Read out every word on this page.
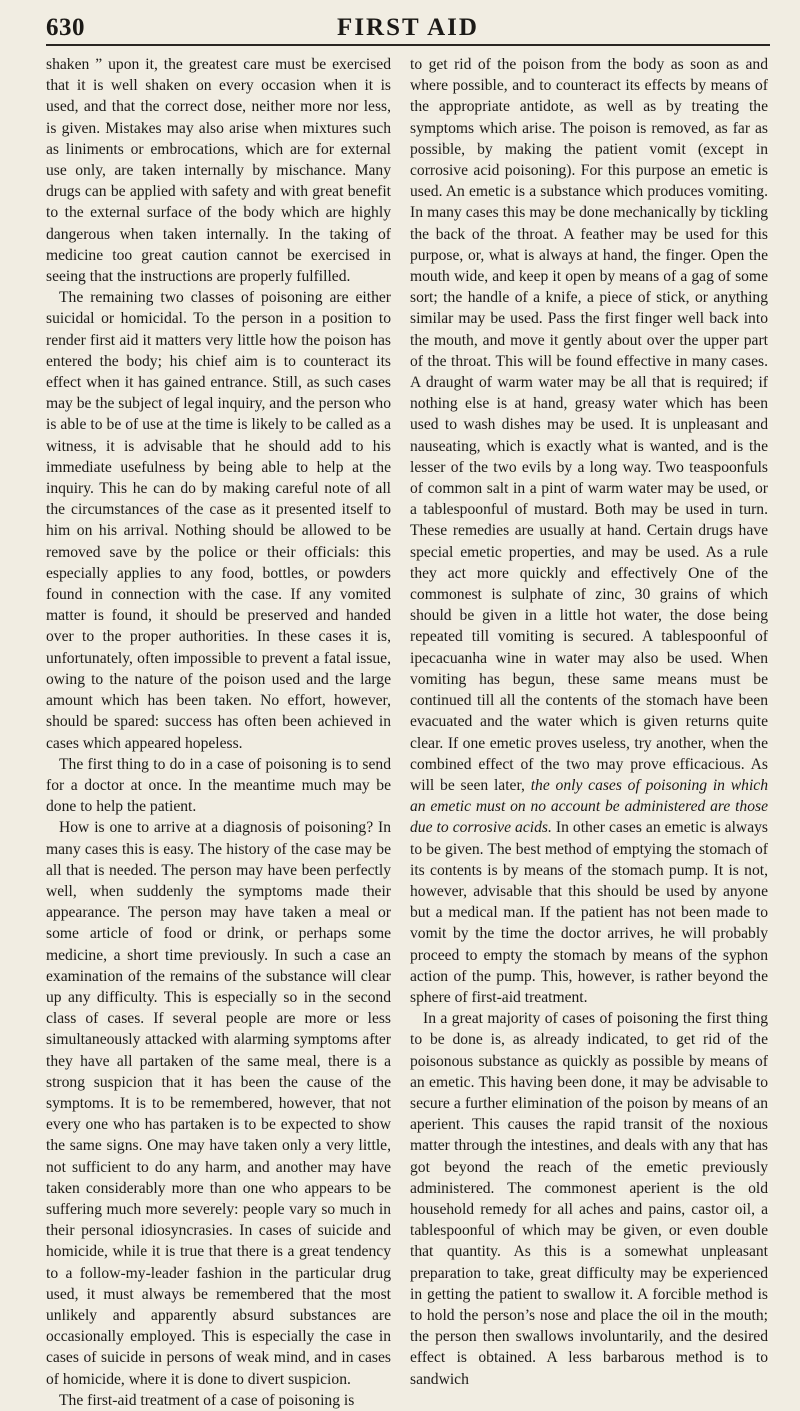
630	FIRST AID

shaken ” upon it, the greatest care must be exercised that it is well shaken on every occasion when it is used, and that the correct dose, neither more nor less, is given. Mistakes may also arise when mixtures such as liniments or embrocations, which are for external use only, are taken internally by mischance. Many drugs can be applied with safety and with great benefit to the external surface of the body which are highly dangerous when taken internally. In the taking of medicine too great caution cannot be exercised in seeing that the instructions are properly fulfilled.

The remaining two classes of poisoning are either suicidal or homicidal. To the person in a position to render first aid it matters very little how the poison has entered the body; his chief aim is to counteract its effect when it has gained entrance. Still, as such cases may be the subject of legal inquiry, and the person who is able to be of use at the time is likely to be called as a witness, it is advisable that he should add to his immediate usefulness by being able to help at the inquiry. This he can do by making careful note of all the circumstances of the case as it presented itself to him on his arrival. Nothing should be allowed to be removed save by the police or their officials: this especially applies to any food, bottles, or powders found in connection with the case. If any vomited matter is found, it should be preserved and handed over to the proper authorities. In these cases it is, unfortunately, often impossible to prevent a fatal issue, owing to the nature of the poison used and the large amount which has been taken. No effort, however, should be spared: success has often been achieved in cases which appeared hopeless.

The first thing to do in a case of poisoning is to send for a doctor at once. In the meantime much may be done to help the patient.

How is one to arrive at a diagnosis of poisoning? In many cases this is easy. The history of the case may be all that is needed. The person may have been perfectly well, when suddenly the symptoms made their appearance. The person may have taken a meal or some article of food or drink, or perhaps some medicine, a short time previously. In such a case an examination of the remains of the substance will clear up any difficulty. This is especially so in the second class of cases. If several people are more or less simultaneously attacked with alarming symptoms after they have all partaken of the same meal, there is a strong suspicion that it has been the cause of the symptoms. It is to be remembered, however, that not every one who has partaken is to be expected to show the same signs. One may have taken only a very little, not sufficient to do any harm, and another may have taken considerably more than one who appears to be suffering much more severely: people vary so much in their personal idiosyncrasies. In cases of suicide and homicide, while it is true that there is a great tendency to a follow-my-leader fashion in the particular drug used, it must always be remembered that the most unlikely and apparently absurd substances are occasionally employed. This is especially the case in cases of suicide in persons of weak mind, and in cases of homicide, where it is done to divert suspicion.

The first-aid treatment of a case of poisoning is

to get rid of the poison from the body as soon as and where possible, and to counteract its effects by means of the appropriate antidote, as well as by treating the symptoms which arise. The poison is removed, as far as possible, by making the patient vomit (except in corrosive acid poisoning). For this purpose an emetic is used. An emetic is a substance which produces vomiting. In many cases this may be done mechanically by tickling the back of the throat. A feather may be used for this purpose, or, what is always at hand, the finger. Open the mouth wide, and keep it open by means of a gag of some sort; the handle of a knife, a piece of stick, or anything similar may be used. Pass the first finger well back into the mouth, and move it gently about over the upper part of the throat. This will be found effective in many cases. A draught of warm water may be all that is required; if nothing else is at hand, greasy water which has been used to wash dishes may be used. It is unpleasant and nauseating, which is exactly what is wanted, and is the lesser of the two evils by a long way. Two teaspoonfuls of common salt in a pint of warm water may be used, or a tablespoonful of mustard. Both may be used in turn. These remedies are usually at hand. Certain drugs have special emetic properties, and may be used. As a rule they act more quickly and effectively One of the commonest is sulphate of zinc, 30 grains of which should be given in a little hot water, the dose being repeated till vomiting is secured. A tablespoonful of ipecacuanha wine in water may also be used. When vomiting has begun, these same means must be continued till all the contents of the stomach have been evacuated and the water which is given returns quite clear. If one emetic proves useless, try another, when the combined effect of the two may prove efficacious. As will be seen later, the only cases of poisoning in which an emetic must on no account be administered are those due to corrosive acids. In other cases an emetic is always to be given. The best method of emptying the stomach of its contents is by means of the stomach pump. It is not, however, advisable that this should be used by anyone but a medical man. If the patient has not been made to vomit by the time the doctor arrives, he will probably proceed to empty the stomach by means of the syphon action of the pump. This, however, is rather beyond the sphere of first-aid treatment.

In a great majority of cases of poisoning the first thing to be done is, as already indicated, to get rid of the poisonous substance as quickly as possible by means of an emetic. This having been done, it may be advisable to secure a further elimination of the poison by means of an aperient. This causes the rapid transit of the noxious matter through the intestines, and deals with any that has got beyond the reach of the emetic previously administered. The commonest aperient is the old household remedy for all aches and pains, castor oil, a tablespoonful of which may be given, or even double that quantity. As this is a somewhat unpleasant preparation to take, great difficulty may be experienced in getting the patient to swallow it. A forcible method is to hold the person’s nose and place the oil in the mouth; the person then swallows involuntarily, and the desired effect is obtained. A less barbarous method is to sandwich
